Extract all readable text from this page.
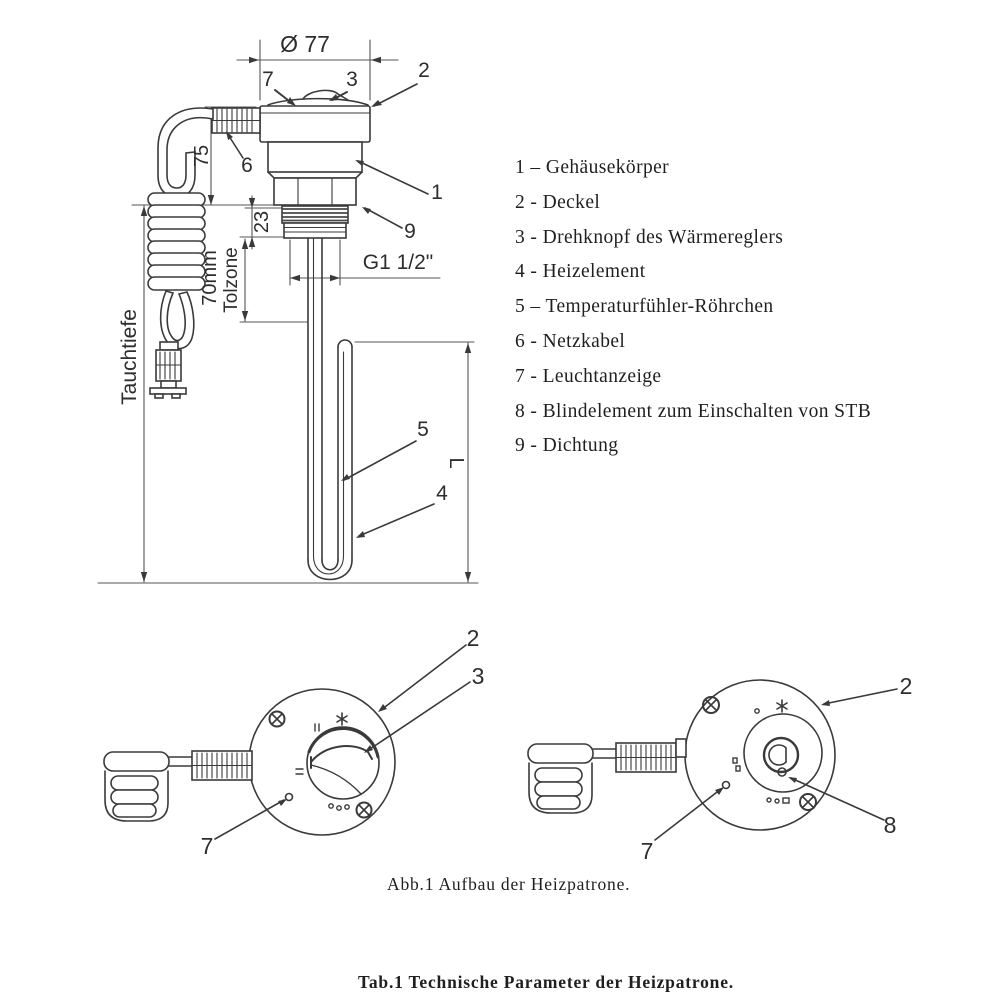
Ø 77
75
23
70mm Tolzone
Tauchtiefe
L
G1 1/2"
7	3	2
6
1
9
5
4
2
3
7
2
8
7
1 – Gehäusekörper
2 - Deckel
3 - Drehknopf des Wärmereglers
4 - Heizelement
5 – Temperaturfühler-Röhrchen
6 - Netzkabel
7 - Leuchtanzeige
8 - Blindelement zum Einschalten von STB
9 - Dichtung
Abb.1 Aufbau der Heizpatrone.
Tab.1 Technische Parameter der Heizpatrone.
